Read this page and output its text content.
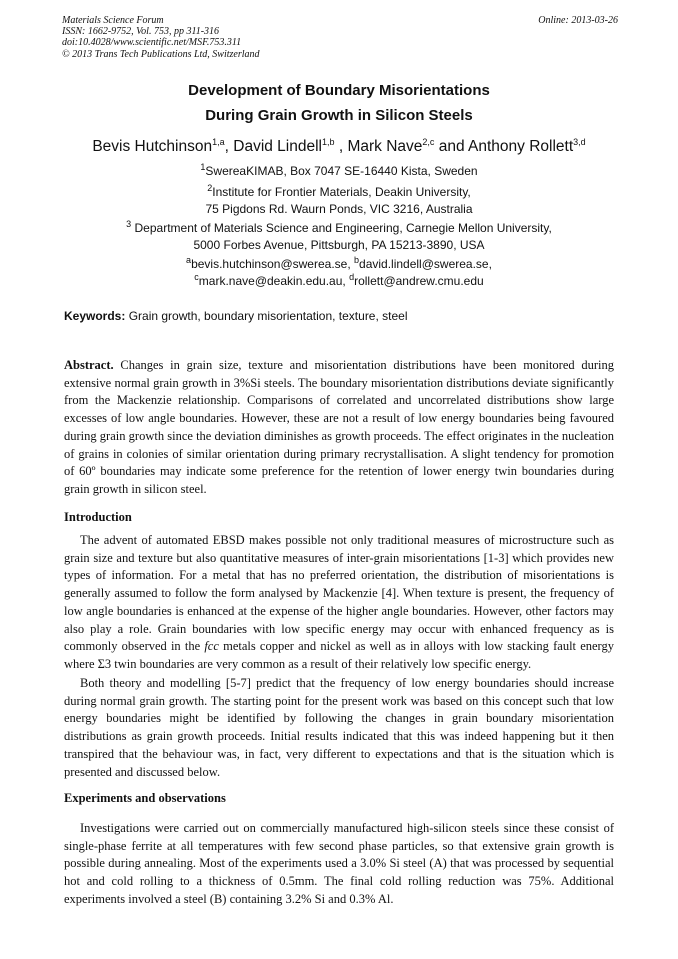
Materials Science Forum
ISSN: 1662-9752, Vol. 753, pp 311-316
doi:10.4028/www.scientific.net/MSF.753.311
© 2013 Trans Tech Publications Ltd, Switzerland
Online: 2013-03-26
Development of Boundary Misorientations
During Grain Growth in Silicon Steels
Bevis Hutchinson$^{1,a}$, David Lindell$^{1,b}$ , Mark Nave$^{2,c}$ and Anthony Rollett$^{3,d}$
$^1$SwereaKIMAB, Box 7047 SE-16440 Kista, Sweden
$^2$Institute for Frontier Materials, Deakin University,
75 Pigdons Rd. Waurn Ponds, VIC 3216, Australia
$^3$ Department of Materials Science and Engineering, Carnegie Mellon University,
5000 Forbes Avenue, Pittsburgh, PA 15213-3890, USA
$^a$bevis.hutchinson@swerea.se, $^b$david.lindell@swerea.se,
$^c$mark.nave@deakin.edu.au, $^d$rollett@andrew.cmu.edu
Keywords: Grain growth, boundary misorientation, texture, steel
Abstract. Changes in grain size, texture and misorientation distributions have been monitored during extensive normal grain growth in 3%Si steels. The boundary misorientation distributions deviate significantly from the Mackenzie relationship. Comparisons of correlated and uncorrelated distributions show large excesses of low angle boundaries. However, these are not a result of low energy boundaries being favoured during grain growth since the deviation diminishes as growth proceeds. The effect originates in the nucleation of grains in colonies of similar orientation during primary recrystallisation. A slight tendency for promotion of 60º boundaries may indicate some preference for the retention of lower energy twin boundaries during grain growth in silicon steel.
Introduction
The advent of automated EBSD makes possible not only traditional measures of microstructure such as grain size and texture but also quantitative measures of inter-grain misorientations [1-3] which provides new types of information. For a metal that has no preferred orientation, the distribution of misorientations is generally assumed to follow the form analysed by Mackenzie [4]. When texture is present, the frequency of low angle boundaries is enhanced at the expense of the higher angle boundaries. However, other factors may also play a role. Grain boundaries with low specific energy may occur with enhanced frequency as is commonly observed in the fcc metals copper and nickel as well as in alloys with low stacking fault energy where Σ3 twin boundaries are very common as a result of their relatively low specific energy.
Both theory and modelling [5-7] predict that the frequency of low energy boundaries should increase during normal grain growth. The starting point for the present work was based on this concept such that low energy boundaries might be identified by following the changes in grain boundary misorientation distributions as grain growth proceeds. Initial results indicated that this was indeed happening but it then transpired that the behaviour was, in fact, very different to expectations and that is the situation which is presented and discussed below.
Experiments and observations
Investigations were carried out on commercially manufactured high-silicon steels since these consist of single-phase ferrite at all temperatures with few second phase particles, so that extensive grain growth is possible during annealing. Most of the experiments used a 3.0% Si steel (A) that was processed by sequential hot and cold rolling to a thickness of 0.5mm. The final cold rolling reduction was 75%. Additional experiments involved a steel (B) containing 3.2% Si and 0.3% Al.
